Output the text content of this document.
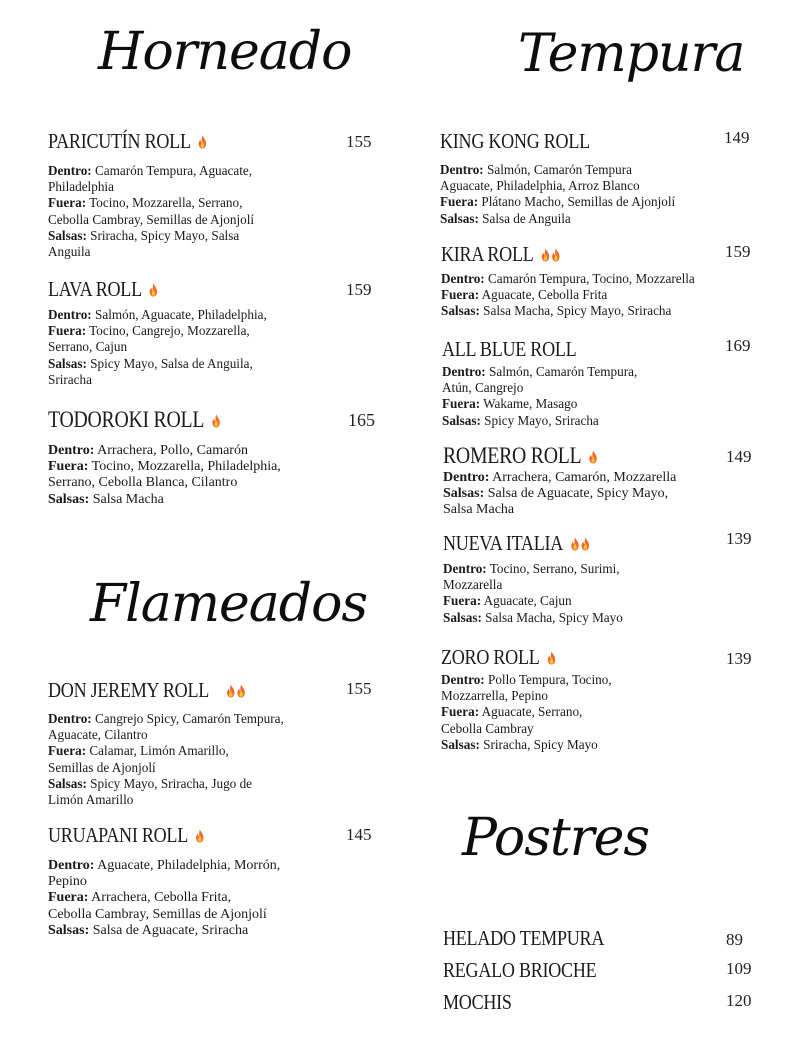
Horneado	Tempura
Flameados
Postres
PARICUTÍN ROLL	155
Dentro: Camarón Tempura, Aguacate,
Philadelphia
Fuera: Tocino, Mozzarella, Serrano,
Cebolla Cambray, Semillas de Ajonjolí
Salsas: Sriracha, Spicy Mayo, Salsa
Anguila
LAVA ROLL	159
Dentro: Salmón, Aguacate, Philadelphia,
Fuera: Tocino, Cangrejo, Mozzarella,
Serrano, Cajun
Salsas: Spicy Mayo, Salsa de Anguila,
Sriracha
TODOROKI ROLL	165
Dentro: Arrachera, Pollo, Camarón
Fuera: Tocino, Mozzarella, Philadelphia,
Serrano, Cebolla Blanca, Cilantro
Salsas: Salsa Macha
DON JEREMY ROLL	155
Dentro: Cangrejo Spicy, Camarón Tempura,
Aguacate, Cilantro
Fuera: Calamar, Limón Amarillo,
Semillas de Ajonjolí
Salsas: Spicy Mayo, Sriracha, Jugo de
Limón Amarillo
URUAPANI ROLL	145
Dentro: Aguacate, Philadelphia, Morrón,
Pepino
Fuera: Arrachera, Cebolla Frita,
Cebolla Cambray, Semillas de Ajonjolí
Salsas: Salsa de Aguacate, Sriracha
KING KONG ROLL	149
Dentro: Salmón, Camarón Tempura
Aguacate, Philadelphia, Arroz Blanco
Fuera: Plátano Macho, Semillas de Ajonjolí
Salsas: Salsa de Anguila
KIRA ROLL	159
Dentro: Camarón Tempura, Tocino, Mozzarella
Fuera: Aguacate, Cebolla Frita
Salsas: Salsa Macha, Spicy Mayo, Sriracha
ALL BLUE ROLL	169
Dentro: Salmón, Camarón Tempura,
Atún, Cangrejo
Fuera: Wakame, Masago
Salsas: Spicy Mayo, Sriracha
ROMERO ROLL	149
Dentro: Arrachera, Camarón, Mozzarella
Salsas: Salsa de Aguacate, Spicy Mayo,
Salsa Macha
NUEVA ITALIA	139
Dentro: Tocino, Serrano, Surimi,
Mozzarella
Fuera: Aguacate, Cajun
Salsas: Salsa Macha, Spicy Mayo
ZORO ROLL	139
Dentro: Pollo Tempura, Tocino,
Mozzarrella, Pepino
Fuera: Aguacate, Serrano,
Cebolla Cambray
Salsas: Sriracha, Spicy Mayo
HELADO TEMPURA	89
REGALO BRIOCHE	109
MOCHIS	120
